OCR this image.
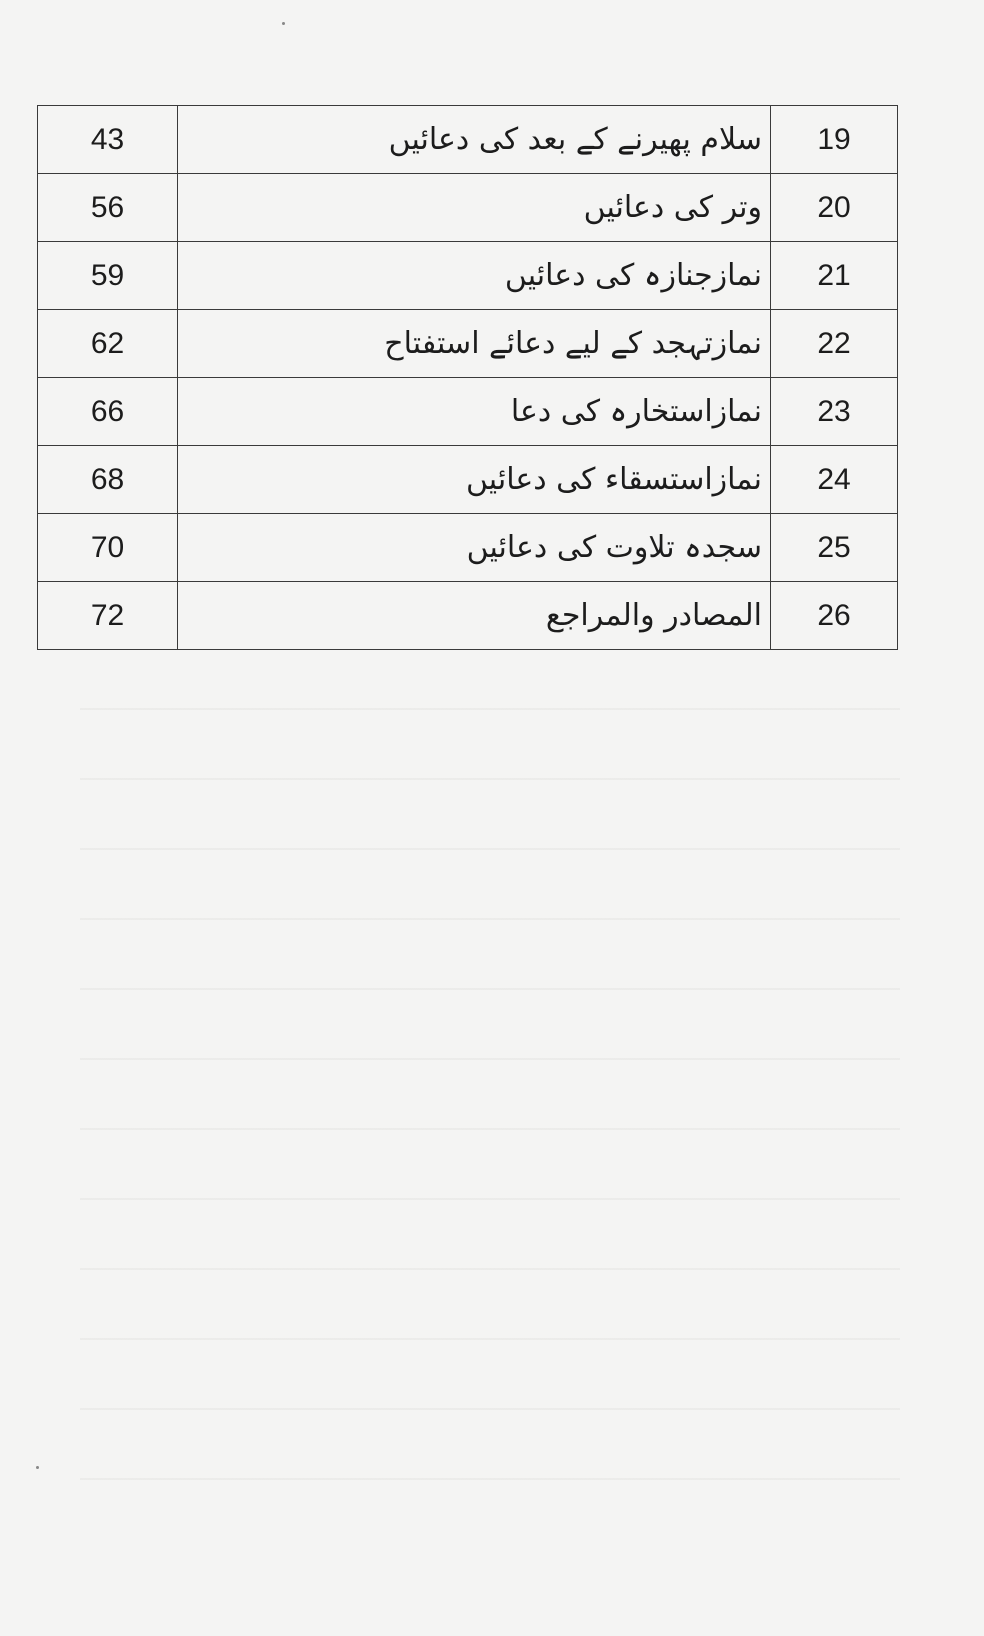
43	سلام پھیرنے کے بعد کی دعائیں	19
56	وتر کی دعائیں	20
59	نمازجنازہ کی دعائیں	21
62	نمازتہجد کے لیے دعائے استفتاح	22
66	نمازاستخارہ کی دعا	23
68	نمازاستسقاء کی دعائیں	24
70	سجدہ تلاوت کی دعائیں	25
72	المصادر والمراجع	26
